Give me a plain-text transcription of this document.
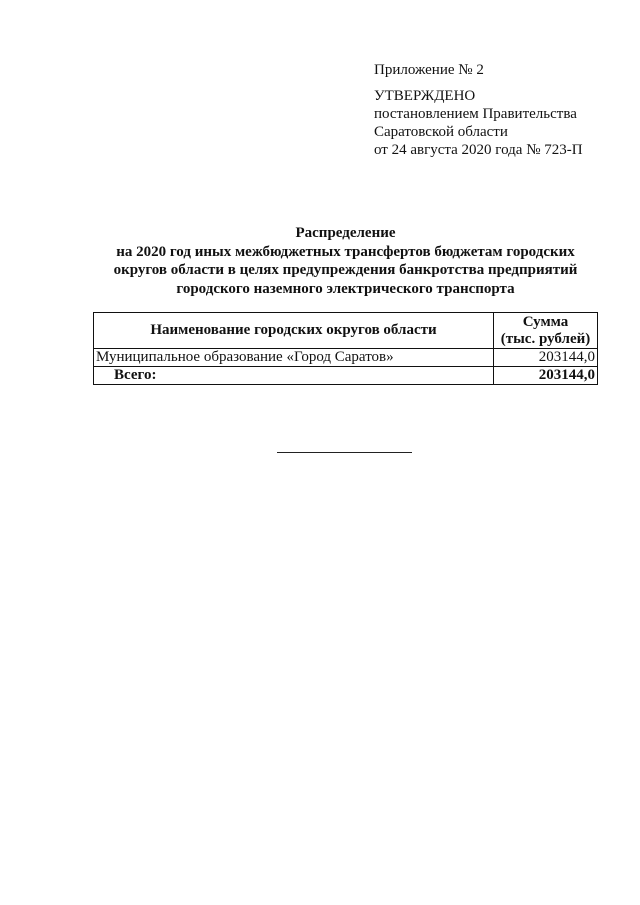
Приложение № 2
УТВЕРЖДЕНО
постановлением Правительства
Саратовской области
от 24 августа 2020 года № 723-П
Распределение
на 2020 год иных межбюджетных трансфертов бюджетам городских
округов области в целях предупреждения банкротства предприятий
городского наземного электрического транспорта
Наименование городских округов области	Сумма
(тыс. рублей)

Муниципальное образование «Город Саратов»	203144,0
Всего:	203144,0
